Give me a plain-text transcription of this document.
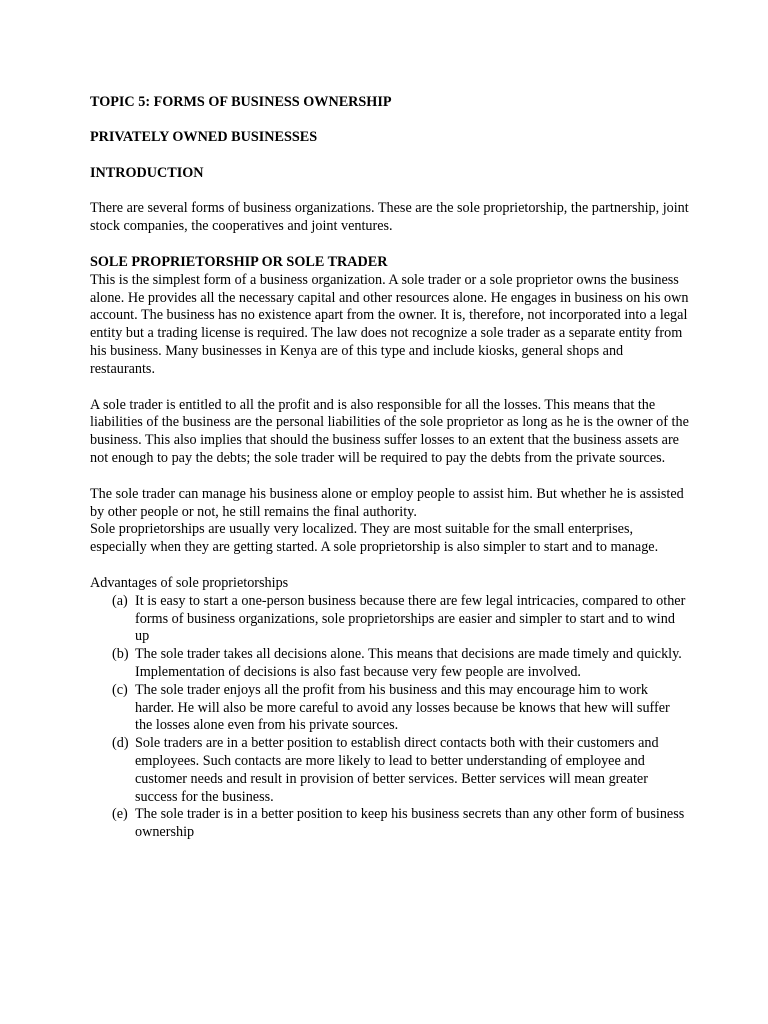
TOPIC 5: FORMS OF BUSINESS OWNERSHIP

PRIVATELY OWNED BUSINESSES

INTRODUCTION

There are several forms of business organizations. These are the sole proprietorship, the partnership, joint stock companies, the cooperatives and joint ventures.

SOLE PROPRIETORSHIP OR SOLE TRADER

This is the simplest form of a business organization. A sole trader or a sole proprietor owns the business alone. He provides all the necessary capital and other resources alone. He engages in business on his own account. The business has no existence apart from the owner. It is, therefore, not incorporated into a legal entity but a trading license is required. The law does not recognize a sole trader as a separate entity from his business. Many businesses in Kenya are of this type and include kiosks, general shops and restaurants.

A sole trader is entitled to all the profit and is also responsible for all the losses. This means that the liabilities of the business are the personal liabilities of the sole proprietor as long as he is the owner of the business. This also implies that should the business suffer losses to an extent that the business assets are not enough to pay the debts; the sole trader will be required to pay the debts from the private sources.

The sole trader can manage his business alone or employ people to assist him. But whether he is assisted by other people or not, he still remains the final authority.

Sole proprietorships are usually very localized. They are most suitable for the small enterprises, especially when they are getting started. A sole proprietorship is also simpler to start and to manage.

Advantages of sole proprietorships

(a) It is easy to start a one-person business because there are few legal intricacies, compared to other forms of business organizations, sole proprietorships are easier and simpler to start and to wind up
(b) The sole trader takes all decisions alone. This means that decisions are made timely and quickly. Implementation of decisions is also fast because very few people are involved.
(c) The sole trader enjoys all the profit from his business and this may encourage him to work harder. He will also be more careful to avoid any losses because be knows that hew will suffer the losses alone even from his private sources.
(d) Sole traders are in a better position to establish direct contacts both with their customers and employees. Such contacts are more likely to lead to better understanding of employee and customer needs and result in provision of better services. Better services will mean greater success for the business.
(e) The sole trader is in a better position to keep his business secrets than any other form of business ownership
